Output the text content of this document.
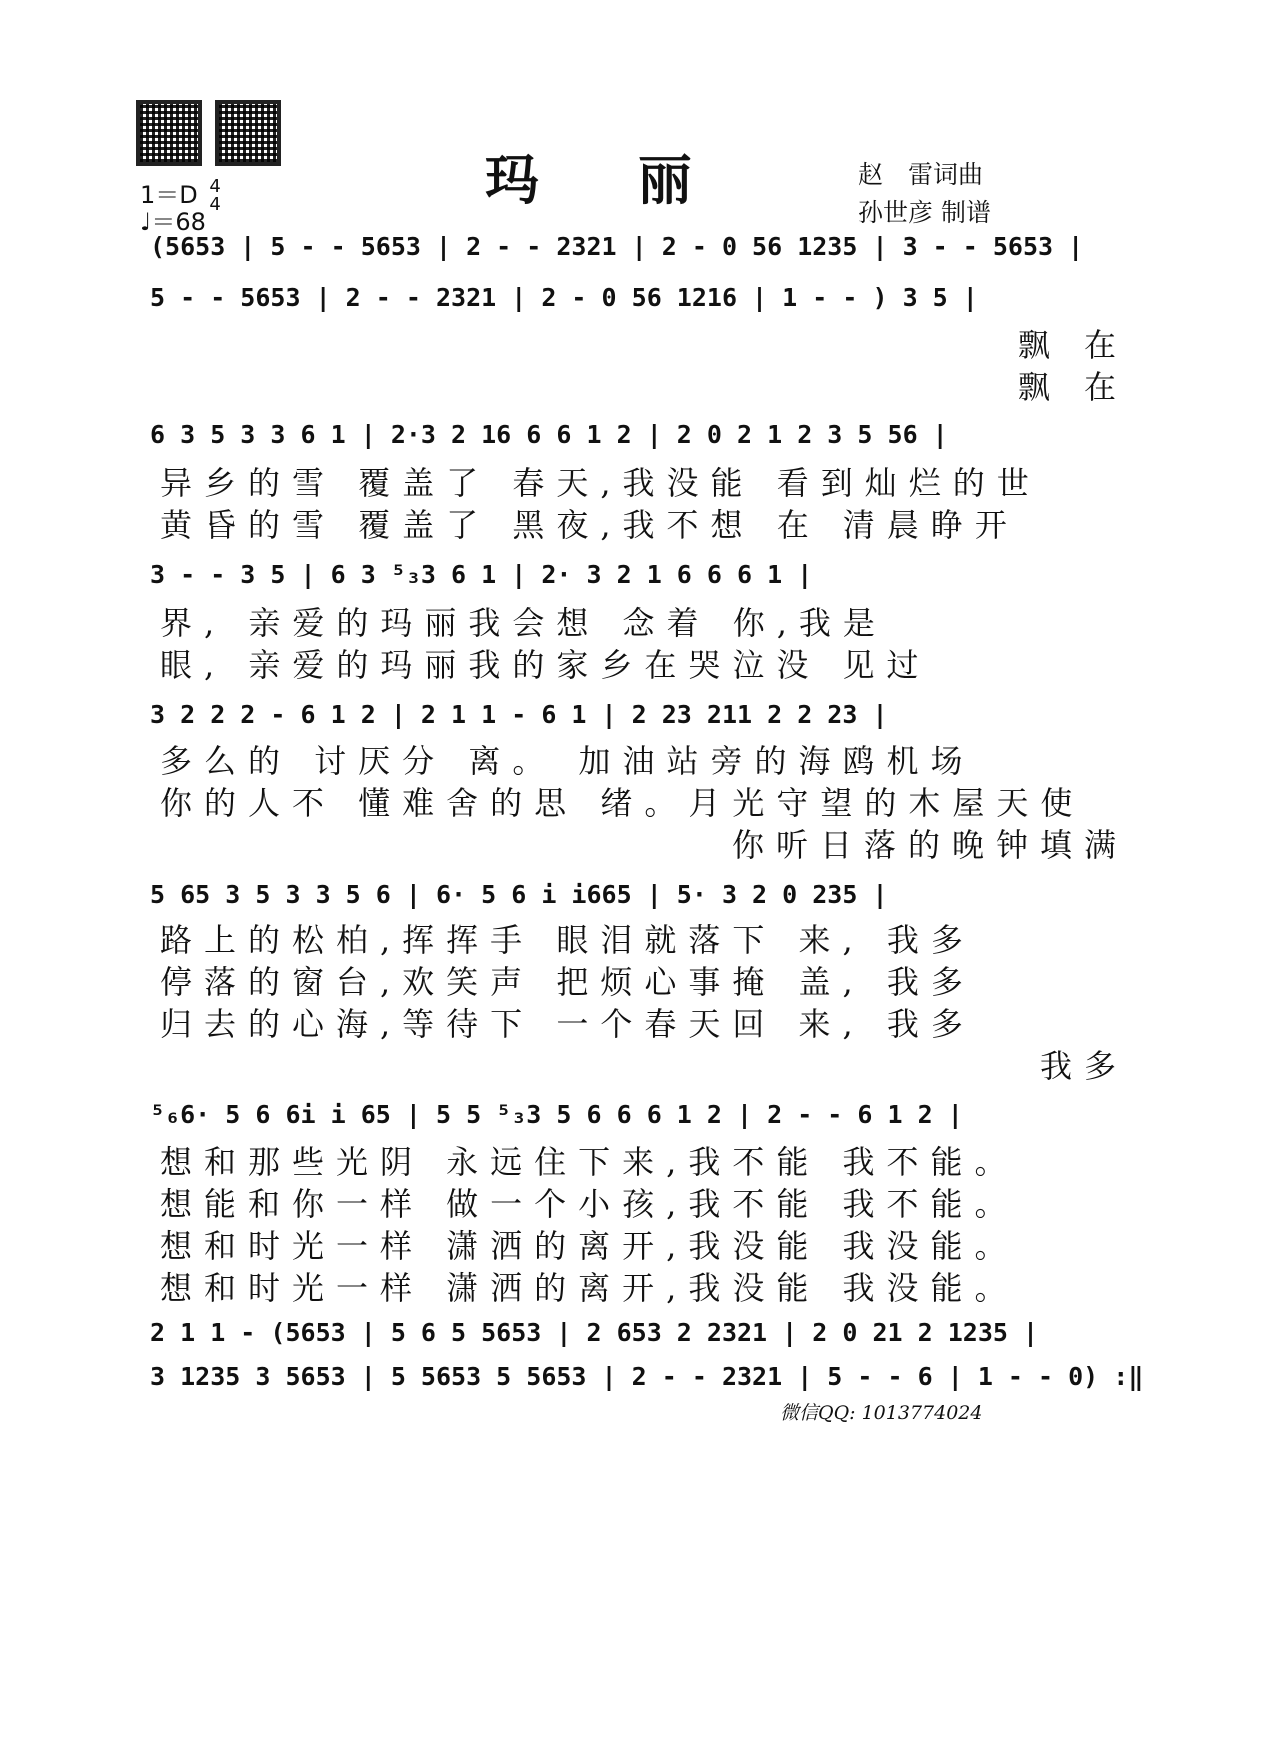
玛 丽	赵　雷词曲
孙世彦 制谱
1＝D 4
4
♩＝68
(5653 | 5 - - 5653 | 2 - - 2321 | 2 - 0 56 1235 | 3 - - 5653 |
5 - - 5653 | 2 - - 2321 | 2 - 0 56 1216 | 1 - - ) 3 5 |
飘 在
飘 在
6 3 5 3 3 6 1 | 2·3 2 16 6 6 1 2 | 2 0 2 1 2 3 5 56 |
异乡的雪 覆盖了 春天,我没能 看到灿烂的世
黄昏的雪 覆盖了 黑夜,我不想 在 清晨睁开
3 - - 3 5 | 6 3 ⁵₃3 6 1 | 2· 3 2 1 6 6 6 1 |
界, 亲爱的玛丽我会想 念着 你,我是
眼, 亲爱的玛丽我的家乡在哭泣没 见过
3 2 2 2 - 6 1 2 | 2 1 1 - 6 1 | 2 23 211 2 2 23 |
多么的 讨厌分 离。 加油站旁的海鸥机场
你的人不 懂难舍的思 绪。月光守望的木屋天使
你听日落的晚钟填满
5 65 3 5 3 3 5 6 | 6· 5 6 i i665 | 5· 3 2 0 235 |
路上的松柏,挥挥手 眼泪就落下 来, 我多
停落的窗台,欢笑声 把烦心事掩 盖, 我多
归去的心海,等待下 一个春天回 来, 我多
我多
⁵₆6· 5 6 6i i 65 | 5 5 ⁵₃3 5 6 6 6 1 2 | 2 - - 6 1 2 |
想和那些光阴 永远住下来,我不能 我不能。
想能和你一样 做一个小孩,我不能 我不能。
想和时光一样 潇洒的离开,我没能 我没能。
想和时光一样 潇洒的离开,我没能 我没能。
2 1 1 - (5653 | 5 6 5 5653 | 2 653 2 2321 | 2 0 21 2 1235 |
3 1235 3 5653 | 5 5653 5 5653 | 2 - - 2321 | 5 - - 6 | 1 - - 0) :‖
微信QQ: 1013774024
